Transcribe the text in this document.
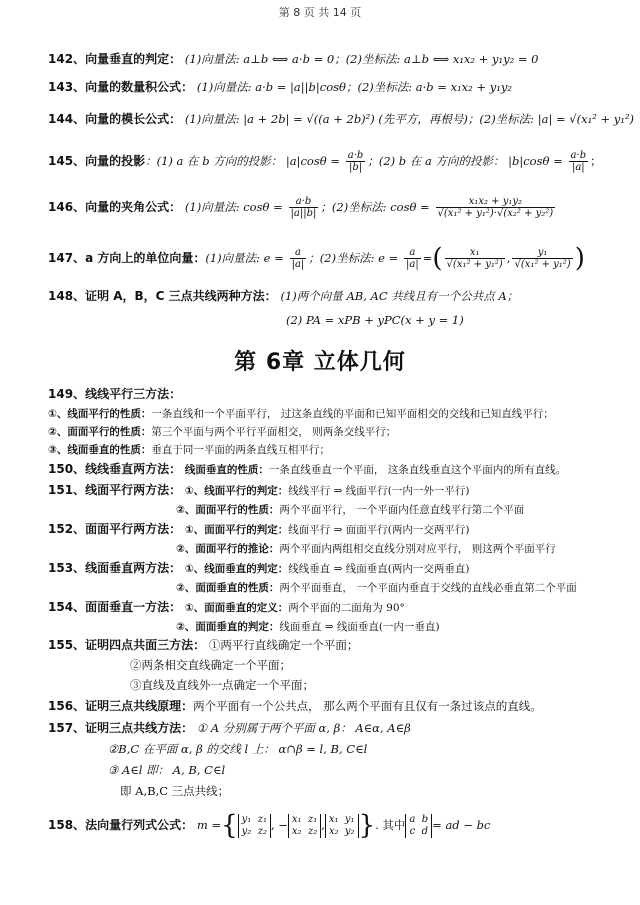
第 8 页 共 14 页
142、向量垂直的判定： (1)向量法: a⊥b ⟺ a·b = 0；(2)坐标法: a⊥b ⟺ x₁x₂ + y₁y₂ = 0
143、向量的数量积公式： (1)向量法: a·b = |a||b|cosθ；(2)坐标法: a·b = x₁x₂ + y₁y₂
144、向量的模长公式： (1)向量法: |a + 2b| = √((a + 2b)²) (先平方，再根号)；(2)坐标法: |a| = √(x₁² + y₁²)
145、向量的投影：(1) a 在 b 方向的投影： $|a|\cos\theta = \frac{a\cdot b}{|b|}$ ；(2) b 在 a 方向的投影： $|b|\cos\theta = \frac{a\cdot b}{|a|}$ ；
146、向量的夹角公式： (1)向量法: $\cos\theta = \frac{a\cdot b}{|a||b|}$ ；(2)坐标法: $\cos\theta = \frac{\text{x₁x₂ + y₁y₂}}{\text{√(x₁² + y₁²)·√(x₂² + y₂²)}}$
147、a 方向上的单位向量：(1)向量法: $e = \frac{a}{|a|}$ ；(2)坐标法: $e = \frac{a}{|a|}$ =( $\frac{\text{x₁}}{\text{√(x₁² + y₁²)}}$ , $\frac{\text{y₁}}{\text{√(x₁² + y₁²)}}$ )
148、证明 A，B，C 三点共线两种方法： (1)两个向量 AB, AC 共线且有一个公共点 A；
(2) PA = xPB + yPC(x + y = 1)
第 6章 立体几何
149、线线平行三方法：
①、线面平行的性质：一条直线和一个平面平行， 过这条直线的平面和已知平面相交的交线和已知直线平行；
②、面面平行的性质：第三个平面与两个平行平面相交， 则两条交线平行；
③、线面垂直的性质：垂直于同一平面的两条直线互相平行；
150、线线垂直两方法： 线面垂直的性质：一条直线垂直一个平面， 这条直线垂直这个平面内的所有直线。
151、线面平行两方法： ①、线面平行的判定：线线平行 ⇒ 线面平行(一内一外一平行)
②、面面平行的性质：两个平面平行， 一个平面内任意直线平行第二个平面
152、面面平行两方法： ①、面面平行的判定：线面平行 ⇒ 面面平行(两内一交两平行)
②、面面平行的推论：两个平面内两组相交直线分别对应平行， 则这两个平面平行
153、线面垂直两方法： ①、线面垂直的判定：线线垂直 ⇒ 线面垂直(两内一交两垂直)
②、面面垂直的性质：两个平面垂直， 一个平面内垂直于交线的直线必垂直第二个平面
154、面面垂直一方法： ①、面面垂直的定义：两个平面的二面角为 90°
②、面面垂直的判定：线面垂直 ⇒ 线面垂直(一内一垂直)
155、证明四点共面三方法： ①两平行直线确定一个平面；
②两条相交直线确定一个平面；
③直线及直线外一点确定一个平面；
156、证明三点共线原理：两个平面有一个公共点， 那么两个平面有且仅有一条过该点的直线。
157、证明三点共线方法： ① A 分别属于两个平面 α, β： A∈α, A∈β
②B,C 在平面 α, β 的交线 l 上： α∩β = l, B, C∈l
③ A∈l 即： A, B, C∈l
即 A,B,C 三点共线；
158、法向量行列式公式： m ={ y₁ z₁
y₂ z₂ , − x₁ z₁
x₂ z₂ , x₁ y₁
x₂ y₂ }. 其中 a b
c d = ad − bc
